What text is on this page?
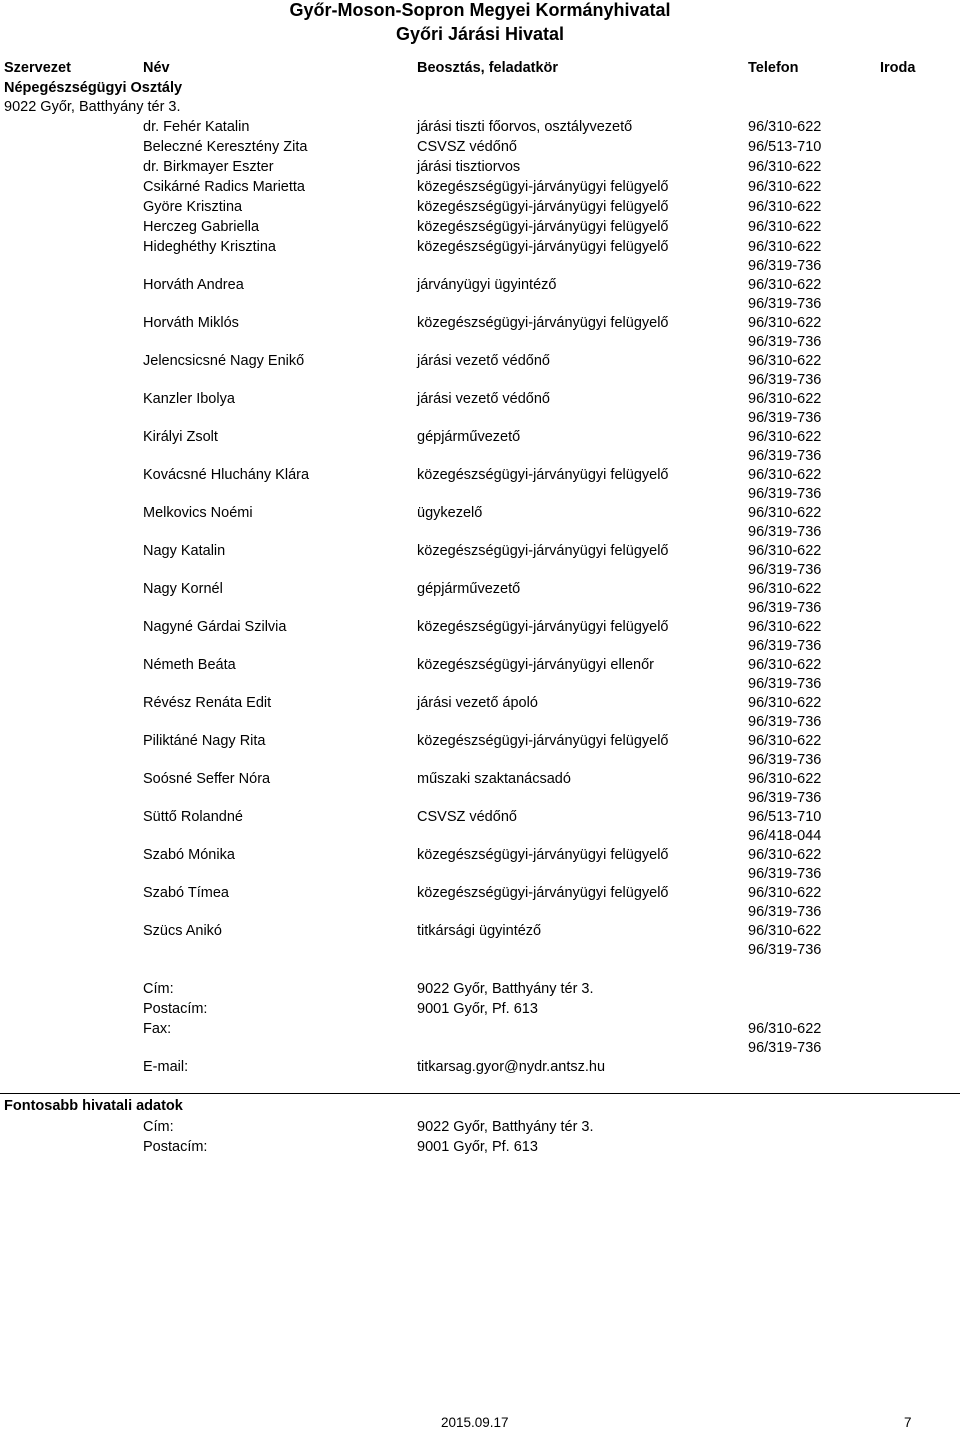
Győr-Moson-Sopron Megyei Kormányhivatal
Győri Járási Hivatal
Szervezet	Név	Beosztás, feladatkör	Telefon	Iroda
Népegészségügyi Osztály
9022 Győr, Batthyány tér 3.
dr. Fehér Katalin	járási tiszti főorvos, osztályvezető	96/310-622
Beleczné Keresztény Zita	CSVSZ védőnő	96/513-710
dr. Birkmayer Eszter	járási tisztiorvos	96/310-622
Csikárné Radics Marietta	közegészségügyi-járványügyi felügyelő	96/310-622
Györe Krisztina	közegészségügyi-járványügyi felügyelő	96/310-622
Herczeg Gabriella	közegészségügyi-járványügyi felügyelő	96/310-622
Hideghéthy Krisztina	közegészségügyi-járványügyi felügyelő	96/310-622
96/319-736
Horváth Andrea	járványügyi ügyintéző	96/310-622
96/319-736
Horváth Miklós	közegészségügyi-járványügyi felügyelő	96/310-622
96/319-736
Jelencsicsné Nagy Enikő	járási vezető védőnő	96/310-622
96/319-736
Kanzler Ibolya	járási vezető védőnő	96/310-622
96/319-736
Királyi Zsolt	gépjárművezető	96/310-622
96/319-736
Kovácsné Hluchány Klára	közegészségügyi-járványügyi felügyelő	96/310-622
96/319-736
Melkovics Noémi	ügykezelő	96/310-622
96/319-736
Nagy Katalin	közegészségügyi-járványügyi felügyelő	96/310-622
96/319-736
Nagy Kornél	gépjárművezető	96/310-622
96/319-736
Nagyné Gárdai Szilvia	közegészségügyi-járványügyi felügyelő	96/310-622
96/319-736
Németh Beáta	közegészségügyi-járványügyi ellenőr	96/310-622
96/319-736
Révész Renáta Edit	járási vezető ápoló	96/310-622
96/319-736
Piliktáné Nagy Rita	közegészségügyi-járványügyi felügyelő	96/310-622
96/319-736
Soósné Seffer Nóra	műszaki szaktanácsadó	96/310-622
96/319-736
Süttő Rolandné	CSVSZ védőnő	96/513-710
96/418-044
Szabó Mónika	közegészségügyi-járványügyi felügyelő	96/310-622
96/319-736
Szabó Tímea	közegészségügyi-járványügyi felügyelő	96/310-622
96/319-736
Szücs Anikó	titkársági ügyintéző	96/310-622
96/319-736
Cím:	9022 Győr, Batthyány tér 3.
Postacím:	9001 Győr, Pf. 613
Fax:	96/310-622
96/319-736
E-mail:	titkarsag.gyor@nydr.antsz.hu
Fontosabb hivatali adatok
Cím:	9022 Győr, Batthyány tér 3.
Postacím:	9001 Győr, Pf. 613
2015.09.17	7
